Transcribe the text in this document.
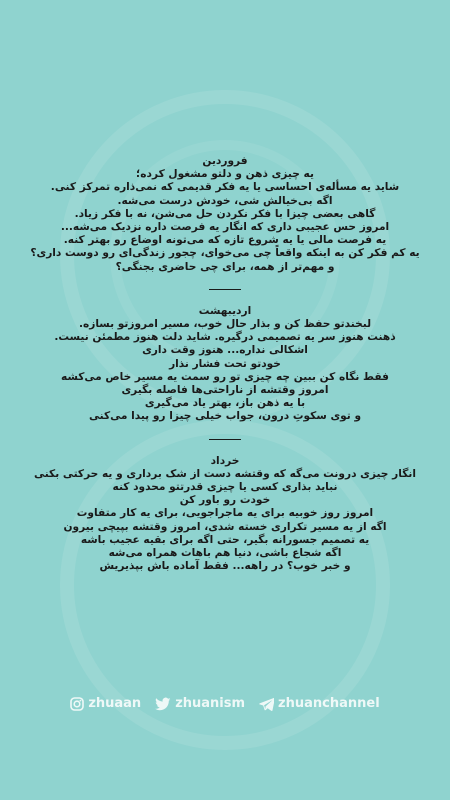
فروردین
یه چیزی ذهن و دلتو مشغول کرده؛
شاید یه مسأله‌ی احساسی یا یه فکر قدیمی که نمی‌ذاره تمرکز کنی.
اگه بی‌خیالش شی، خودش درست می‌شه.
گاهی بعضی چیزا با فکر نکردن حل می‌شن، نه با فکر زیاد.
امروز حس عجیبی داری که انگار یه فرصت داره نزدیک می‌شه...
یه فرصت مالی یا یه شروع تازه که می‌تونه اوضاع رو بهتر کنه.
یه کم فکر کن به اینکه واقعاً چی می‌خوای، چجور زندگی‌ای رو دوست داری؟
و مهم‌تر از همه، برای چی حاضری بجنگی؟
اردیبهشت
لبخندتو حفظ کن و بذار حال خوب، مسیر امروزتو بسازه.
ذهنت هنوز سر یه تصمیمی درگیره. شاید دلت هنوز مطمئن نیست.
اشکالی نداره... هنوز وقت داری
خودتو تحت فشار نذار
فقط نگاه کن ببین چه چیزی تو رو سمت یه مسیر خاص می‌کشه
امروز وقتشه از ناراحتی‌ها فاصله بگیری
با یه ذهن باز، بهتر یاد می‌گیری
و توی سکوتِ درون، جواب خیلی چیزا رو پیدا می‌کنی
خرداد
انگار چیزی درونت می‌گه که وقتشه دست از شک برداری و یه حرکتی بکنی
نباید بذاری کسی یا چیزی قدرتتو محدود کنه
خودت رو باور کن
امروز روز خوبیه برای یه ماجراجویی، برای یه کار متفاوت
اگه از یه مسیر تکراری خسته شدی، امروز وقتشه بپیچی بیرون
یه تصمیم جسورانه بگیر، حتی اگه برای بقیه عجیب باشه
اگه شجاع باشی، دنیا هم باهات همراه می‌شه
و خبر خوب؟ در راهه... فقط آماده باش بپذیریش
zhuaan	zhuanism	zhuanchannel
